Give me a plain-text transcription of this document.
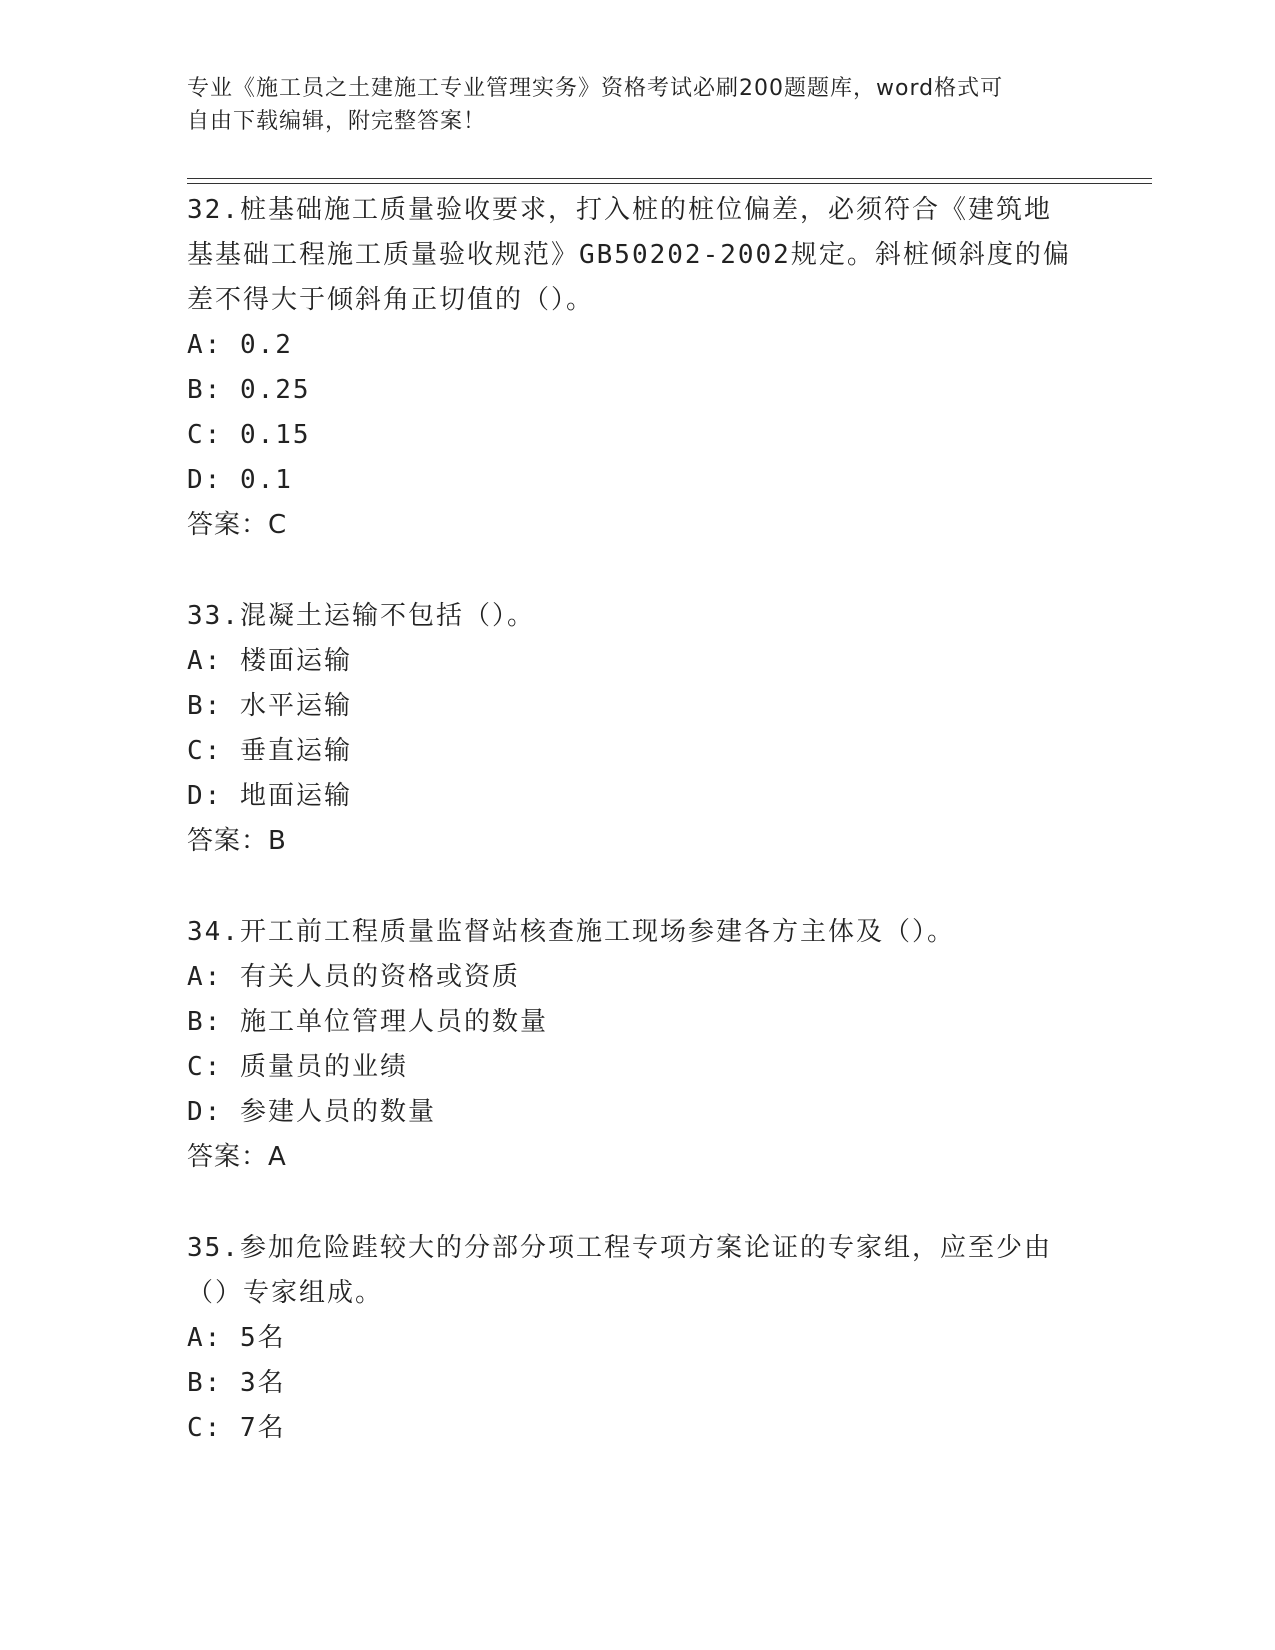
专业《施工员之土建施工专业管理实务》资格考试必刷200题题库，word格式可
自由下载编辑，附完整答案！
32.桩基础施工质量验收要求，打入桩的桩位偏差，必须符合《建筑地
基基础工程施工质量验收规范》GB50202-2002规定。斜桩倾斜度的偏
差不得大于倾斜角正切值的（）。
A: 0.2
B: 0.25
C: 0.15
D: 0.1
答案：C
33.混凝土运输不包括（）。
A: 楼面运输
B: 水平运输
C: 垂直运输
D: 地面运输
答案：B
34.开工前工程质量监督站核查施工现场参建各方主体及（）。
A: 有关人员的资格或资质
B: 施工单位管理人员的数量
C: 质量员的业绩
D: 参建人员的数量
答案：A
35.参加危险跬较大的分部分项工程专项方案论证的专家组，应至少由
（）专家组成。
A: 5名
B: 3名
C: 7名
